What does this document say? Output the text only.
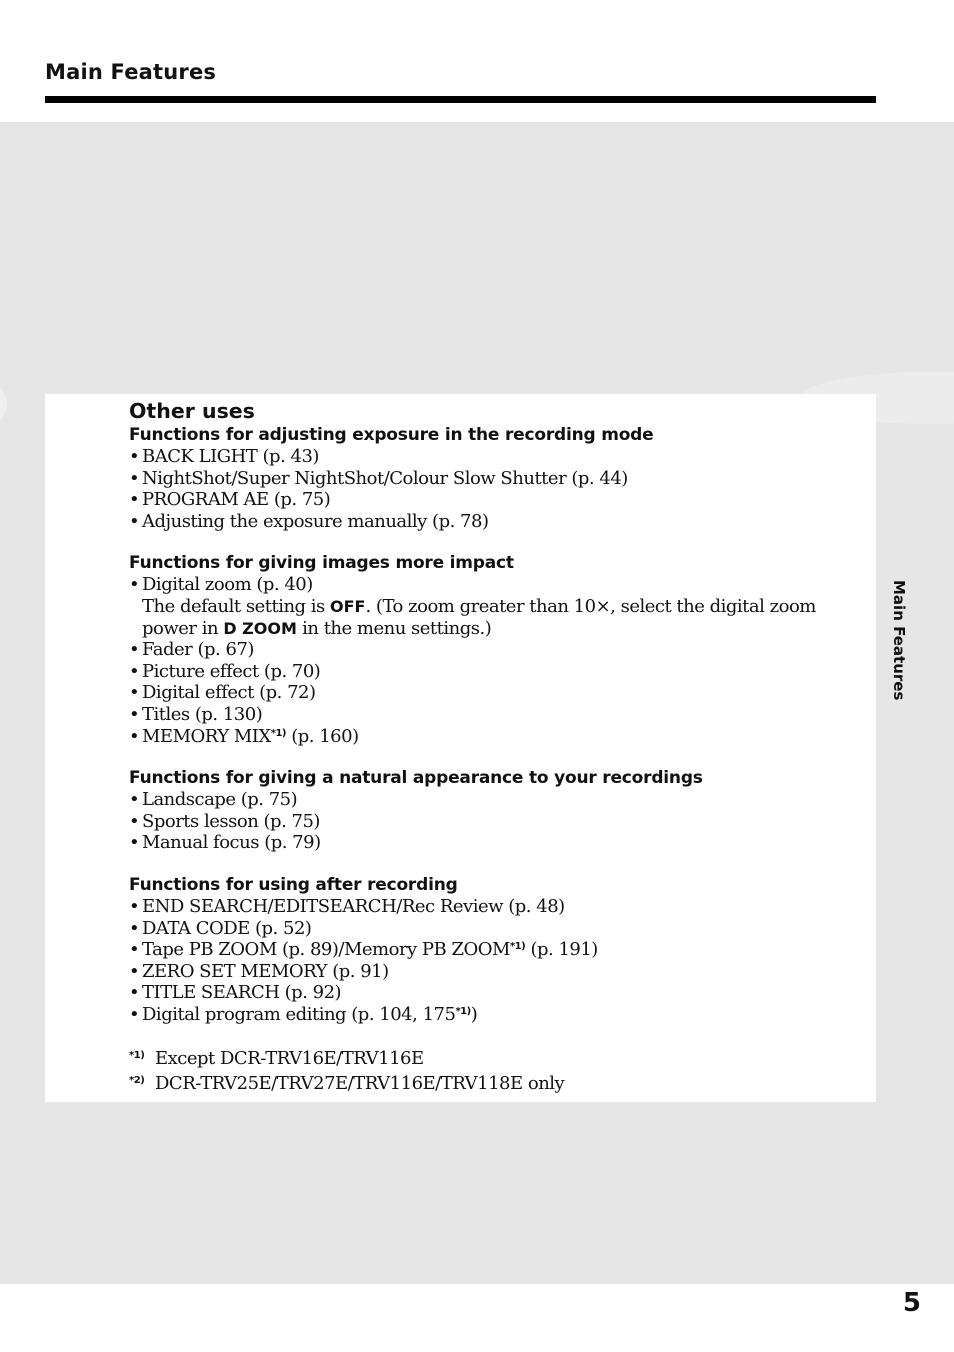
Main Features
Other uses
Functions for adjusting exposure in the recording mode
• BACK LIGHT (p. 43)
• NightShot/Super NightShot/Colour Slow Shutter (p. 44)
• PROGRAM AE (p. 75)
• Adjusting the exposure manually (p. 78)
Functions for giving images more impact
• Digital zoom (p. 40)
The default setting is OFF. (To zoom greater than 10×, select the digital zoom power in D ZOOM in the menu settings.)
• Fader (p. 67)
• Picture effect (p. 70)
• Digital effect (p. 72)
• Titles (p. 130)
• MEMORY MIX$^{*1)}$ (p. 160)
Functions for giving a natural appearance to your recordings
• Landscape (p. 75)
• Sports lesson (p. 75)
• Manual focus (p. 79)
Functions for using after recording
• END SEARCH/EDITSEARCH/Rec Review (p. 48)
• DATA CODE (p. 52)
• Tape PB ZOOM (p. 89)/Memory PB ZOOM$^{*1)}$ (p. 191)
• ZERO SET MEMORY (p. 91)
• TITLE SEARCH (p. 92)
• Digital program editing (p. 104, 175$^{*1)}$)
*1) Except DCR-TRV16E/TRV116E
*2) DCR-TRV25E/TRV27E/TRV116E/TRV118E only
Main Features
5
